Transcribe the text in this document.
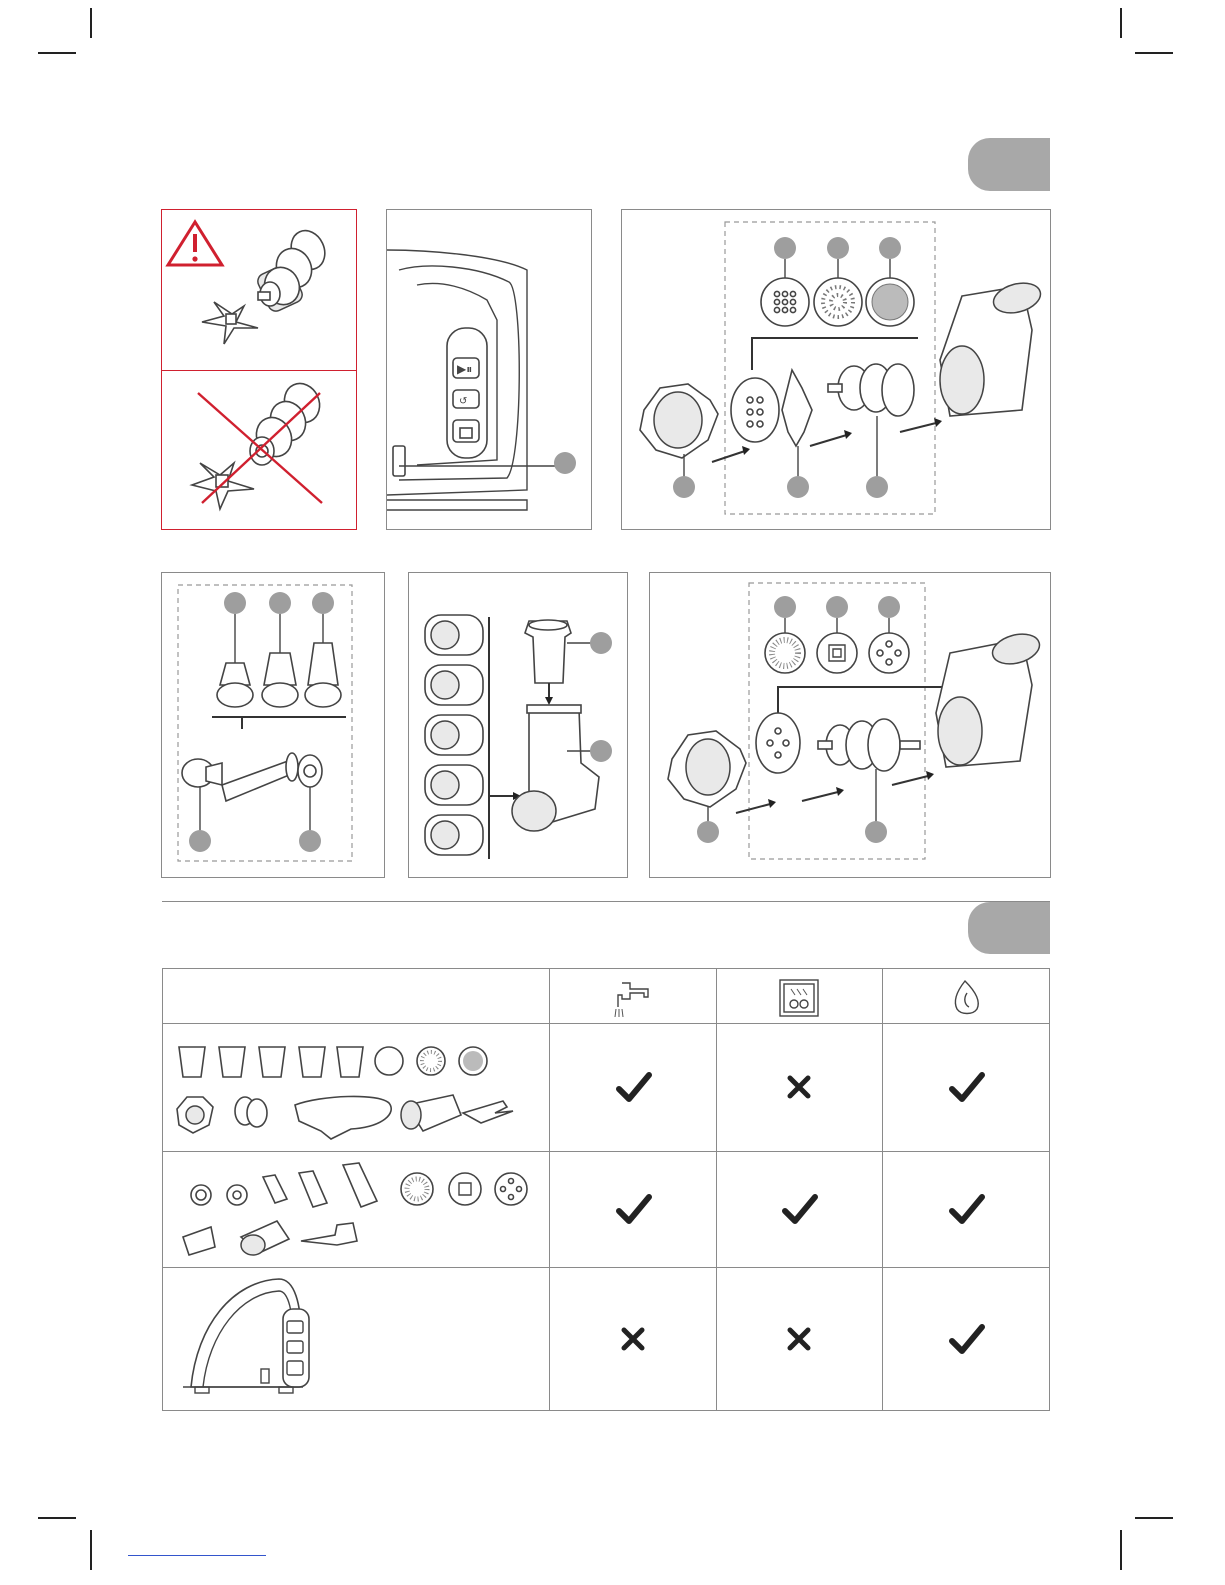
▶⏸
↺
